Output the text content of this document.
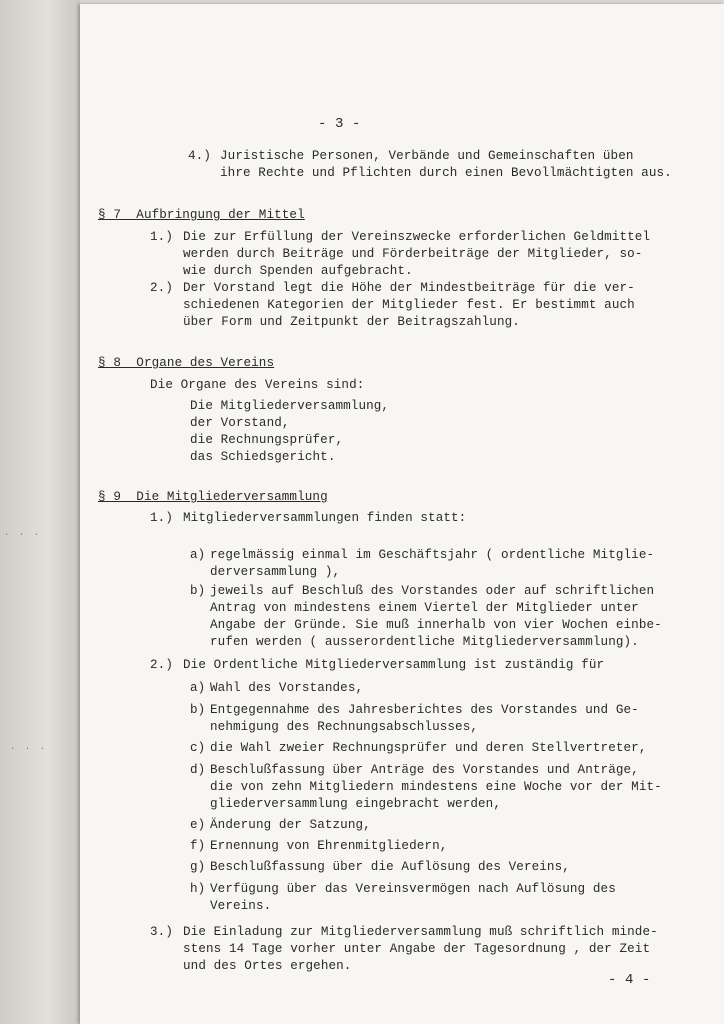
. . .
. . .
- 3 -
4.) Juristische Personen, Verbände und Gemeinschaften üben
ihre Rechte und Pflichten durch einen Bevollmächtigten aus.
§ 7  Aufbringung der Mittel
1.) Die zur Erfüllung der Vereinszwecke erforderlichen Geldmittel
werden durch Beiträge und Förderbeiträge der Mitglieder, so-
wie durch Spenden aufgebracht.
2.) Der Vorstand legt die Höhe der Mindestbeiträge für die ver-
schiedenen Kategorien der Mitglieder fest. Er bestimmt auch
über Form und Zeitpunkt der Beitragszahlung.
§ 8  Organe des Vereins
Die Organe des Vereins sind:
Die Mitgliederversammlung,
der Vorstand,
die Rechnungsprüfer,
das Schiedsgericht.
§ 9  Die Mitgliederversammlung
1.) Mitgliederversammlungen finden statt:
a) regelmässig einmal im Geschäftsjahr ( ordentliche Mitglie-
derversammlung ),
b) jeweils auf Beschluß des Vorstandes oder auf schriftlichen
Antrag von mindestens einem Viertel der Mitglieder unter
Angabe der Gründe. Sie muß innerhalb von vier Wochen einbe-
rufen werden ( ausserordentliche Mitgliederversammlung).
2.) Die Ordentliche Mitgliederversammlung ist zuständig für
a) Wahl des Vorstandes,
b) Entgegennahme des Jahresberichtes des Vorstandes und Ge-
nehmigung des Rechnungsabschlusses,
c) die Wahl zweier Rechnungsprüfer und deren Stellvertreter,
d) Beschlußfassung über Anträge des Vorstandes und Anträge,
die von zehn Mitgliedern mindestens eine Woche vor der Mit-
gliederversammlung eingebracht werden,
e) Änderung der Satzung,
f) Ernennung von Ehrenmitgliedern,
g) Beschlußfassung über die Auflösung des Vereins,
h) Verfügung über das Vereinsvermögen nach Auflösung des
Vereins.
3.) Die Einladung zur Mitgliederversammlung muß schriftlich minde-
stens 14 Tage vorher unter Angabe der Tagesordnung , der Zeit
und des Ortes ergehen.
- 4 -
